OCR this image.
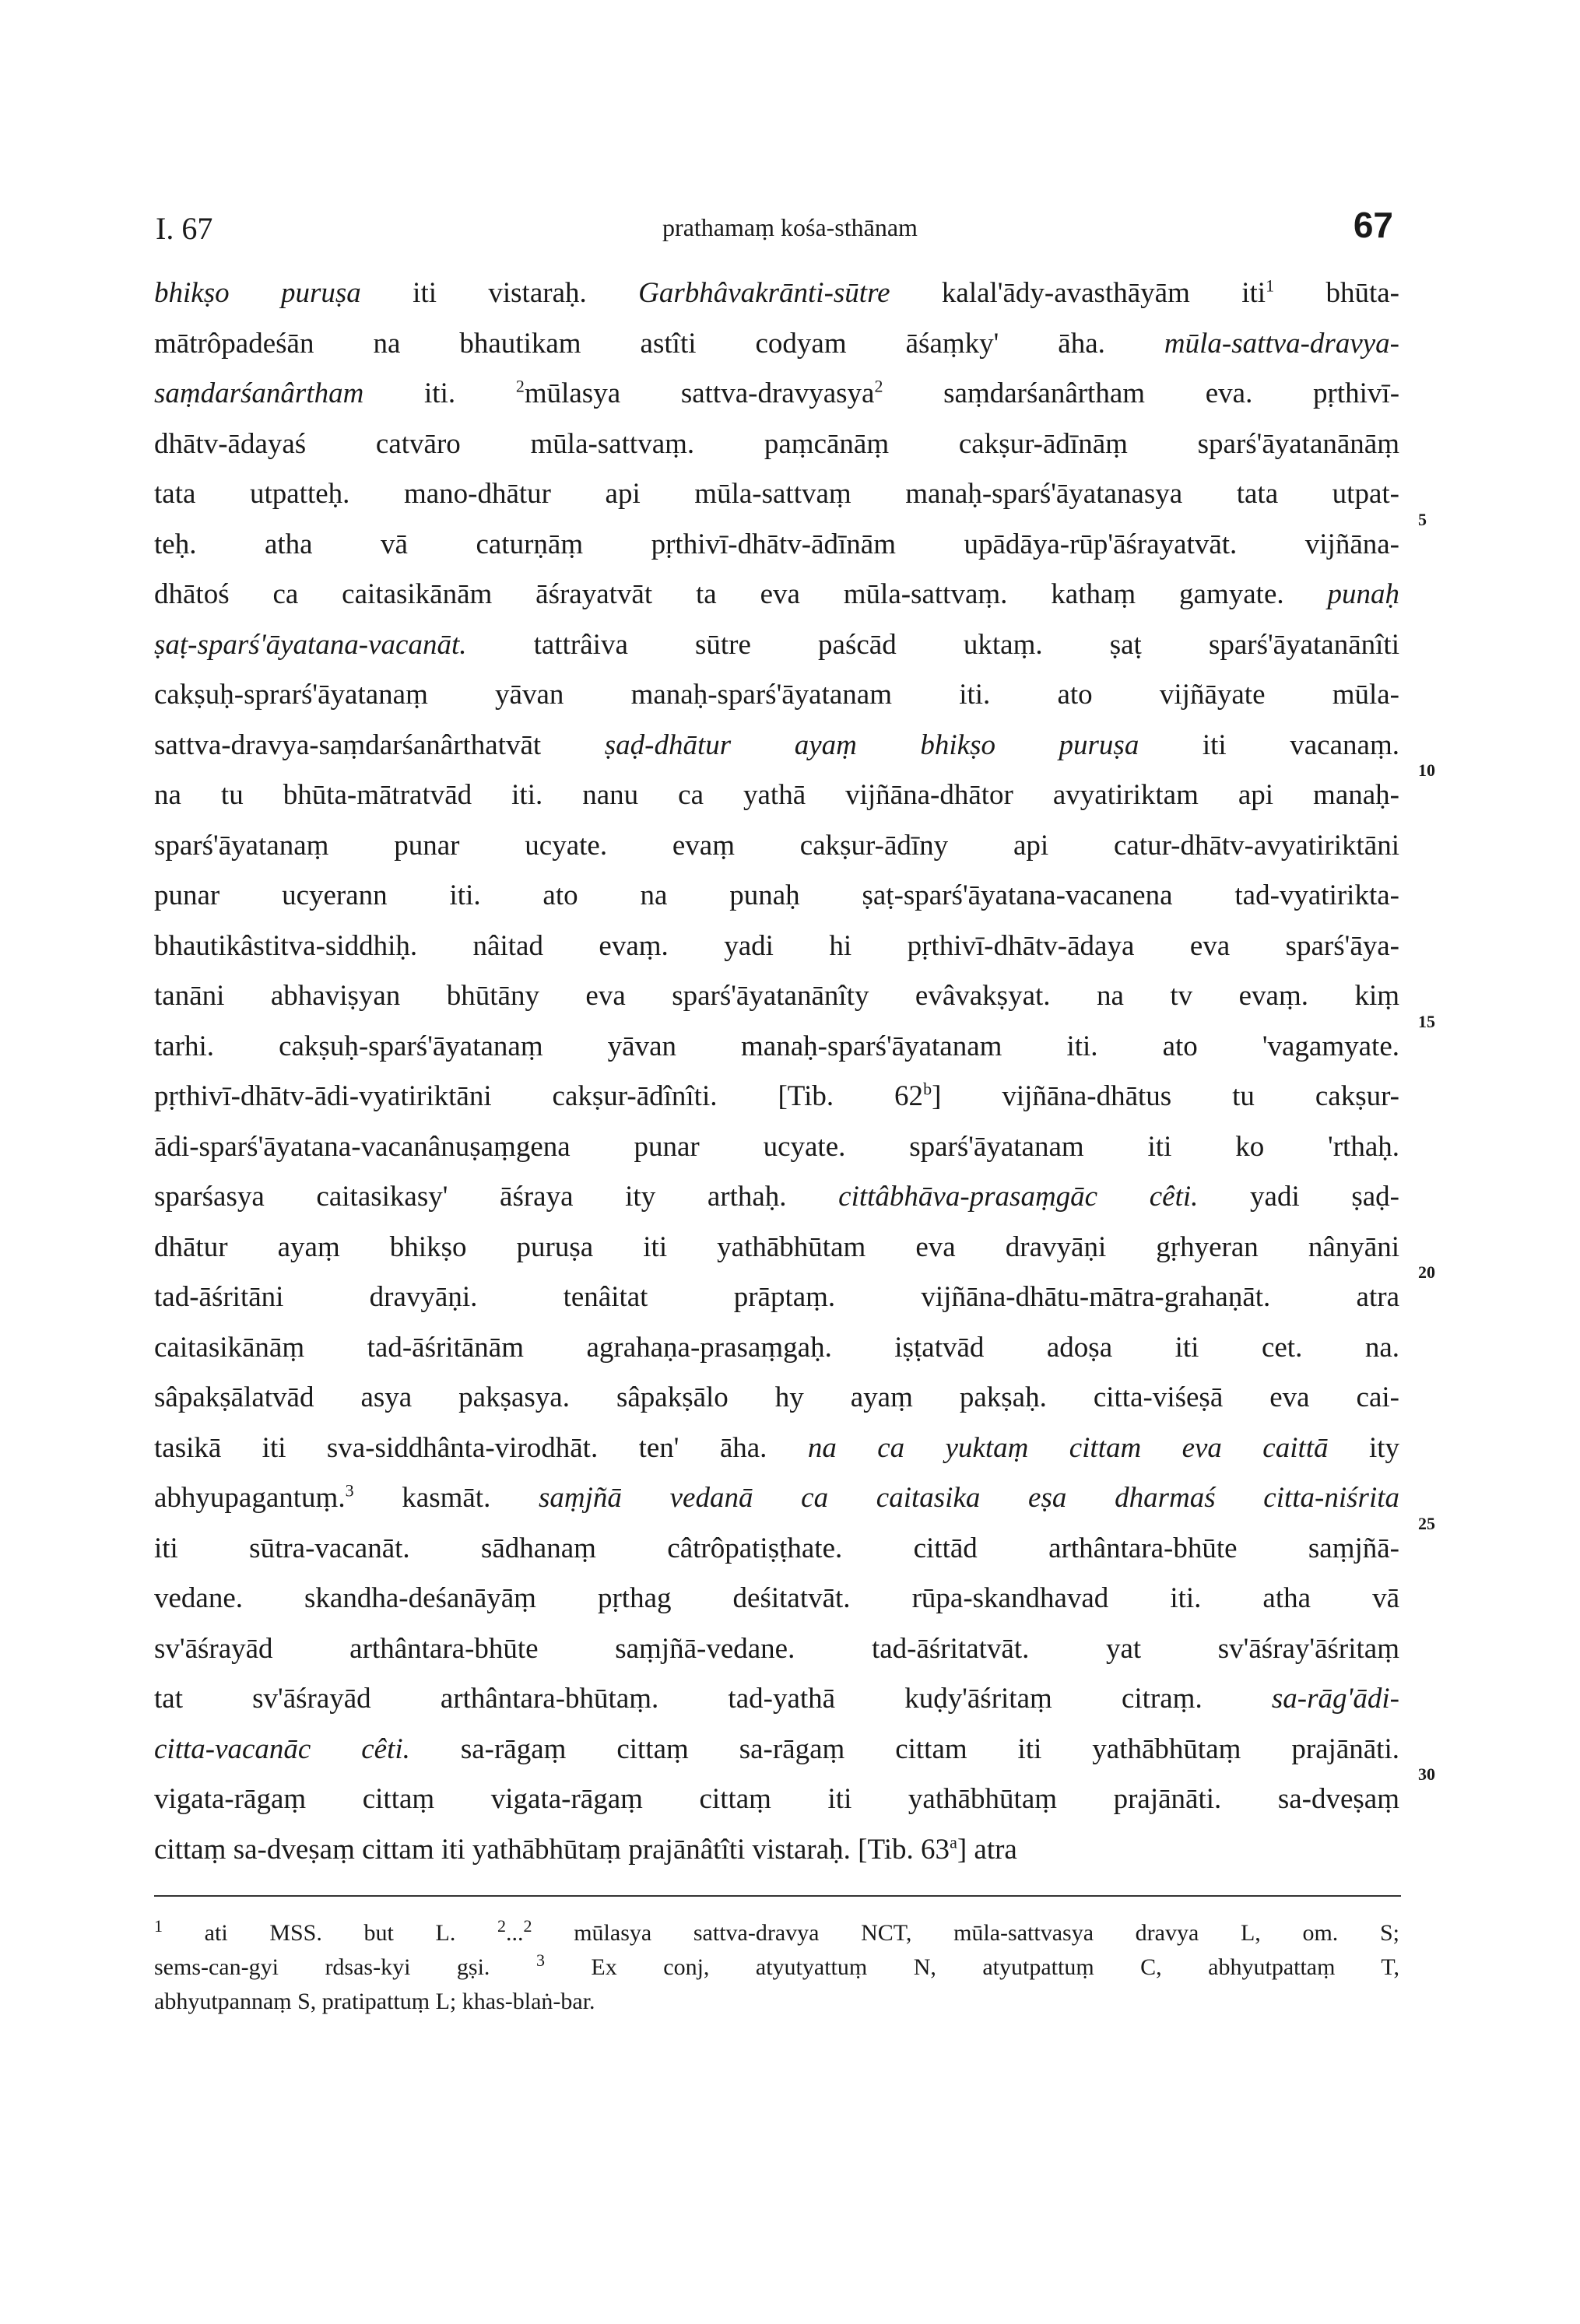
I. 67	prathamaṃ kośa-sthānam	67
bhikṣo puruṣa iti vistaraḥ. Garbhâvakrānti-sūtre kalal'ādy-avasthāyām iti$^1$ bhūta-
mātrôpadeśān na bhautikam astîti codyam āśaṃky' āha. mūla-sattva-dravya-
saṃdarśanârtham iti. $^2$mūlasya sattva-dravyasya$^2$ saṃdarśanârtham eva. pṛthivī-
dhātv-ādayaś catvāro mūla-sattvaṃ. paṃcānāṃ cakṣur-ādīnāṃ sparś'āyatanānāṃ
tata utpatteḥ. mano-dhātur api mūla-sattvaṃ manaḥ-sparś'āyatanasya tata utpat-
teḥ. atha vā caturṇāṃ pṛthivī-dhātv-ādīnām upādāya-rūp'āśrayatvāt. vijñāna-
dhātoś ca caitasikānām āśrayatvāt ta eva mūla-sattvaṃ. kathaṃ gamyate. punaḥ
ṣaṭ-sparś'āyatana-vacanāt. tattrâiva sūtre paścād uktaṃ. ṣaṭ sparś'āyatanānîti
cakṣuḥ-sprarś'āyatanaṃ yāvan manaḥ-sparś'āyatanam iti. ato vijñāyate mūla-
sattva-dravya-saṃdarśanârthatvāt ṣaḍ-dhātur ayaṃ bhikṣo puruṣa iti vacanaṃ.
na tu bhūta-mātratvād iti. nanu ca yathā vijñāna-dhātor avyatiriktam api manaḥ-
sparś'āyatanaṃ punar ucyate. evaṃ cakṣur-ādīny api catur-dhātv-avyatiriktāni
punar ucyerann iti. ato na punaḥ ṣaṭ-sparś'āyatana-vacanena tad-vyatirikta-
bhautikâstitva-siddhiḥ. nâitad evaṃ. yadi hi pṛthivī-dhātv-ādaya eva sparś'āya-
tanāni abhaviṣyan bhūtāny eva sparś'āyatanānîty evâvakṣyat. na tv evaṃ. kiṃ
tarhi. cakṣuḥ-sparś'āyatanaṃ yāvan manaḥ-sparś'āyatanam iti. ato 'vagamyate.
pṛthivī-dhātv-ādi-vyatiriktāni cakṣur-ādînîti. [Tib. 62$^b$] vijñāna-dhātus tu cakṣur-
ādi-sparś'āyatana-vacanânuṣaṃgena punar ucyate. sparś'āyatanam iti ko 'rthaḥ.
sparśasya caitasikasy' āśraya ity arthaḥ. cittâbhāva-prasaṃgāc cêti. yadi ṣaḍ-
dhātur ayaṃ bhikṣo puruṣa iti yathābhūtam eva dravyāṇi gṛhyeran nânyāni
tad-āśritāni dravyāṇi. tenâitat prāptaṃ. vijñāna-dhātu-mātra-grahaṇāt. atra
caitasikānāṃ tad-āśritānām agrahaṇa-prasaṃgaḥ. iṣṭatvād adoṣa iti cet. na.
sâpakṣālatvād asya pakṣasya. sâpakṣālo hy ayaṃ pakṣaḥ. citta-viśeṣā eva cai-
tasikā iti sva-siddhânta-virodhāt. ten' āha. na ca yuktaṃ cittam eva caittā ity
abhyupagantuṃ.$^3$ kasmāt. saṃjñā vedanā ca caitasika eṣa dharmaś citta-niśrita
iti sūtra-vacanāt. sādhanaṃ câtrôpatiṣṭhate. cittād arthântara-bhūte saṃjñā-
vedane. skandha-deśanāyāṃ pṛthag deśitatvāt. rūpa-skandhavad iti. atha vā
sv'āśrayād arthântara-bhūte saṃjñā-vedane. tad-āśritatvāt. yat sv'āśray'āśritaṃ
tat sv'āśrayād arthântara-bhūtaṃ. tad-yathā kuḍy'āśritaṃ citraṃ. sa-rāg'ādi-
citta-vacanāc cêti. sa-rāgaṃ cittaṃ sa-rāgaṃ cittam iti yathābhūtaṃ prajānāti.
vigata-rāgaṃ cittaṃ vigata-rāgaṃ cittaṃ iti yathābhūtaṃ prajānāti. sa-dveṣaṃ
cittaṃ sa-dveṣaṃ cittam iti yathābhūtaṃ prajānâtîti vistaraḥ. [Tib. 63$^a$] atra
5
10
15
20
25
30
$^1$ ati MSS. but L. $^2$...$^2$ mūlasya sattva-dravya NCT, mūla-sattvasya dravya L, om. S;
sems-can-gyi rdsas-kyi gṣi. $^3$ Ex conj, atyutyattuṃ N, atyutpattuṃ C, abhyutpattaṃ T,
abhyutpannaṃ S, pratipattuṃ L; khas-blaṅ-bar.
